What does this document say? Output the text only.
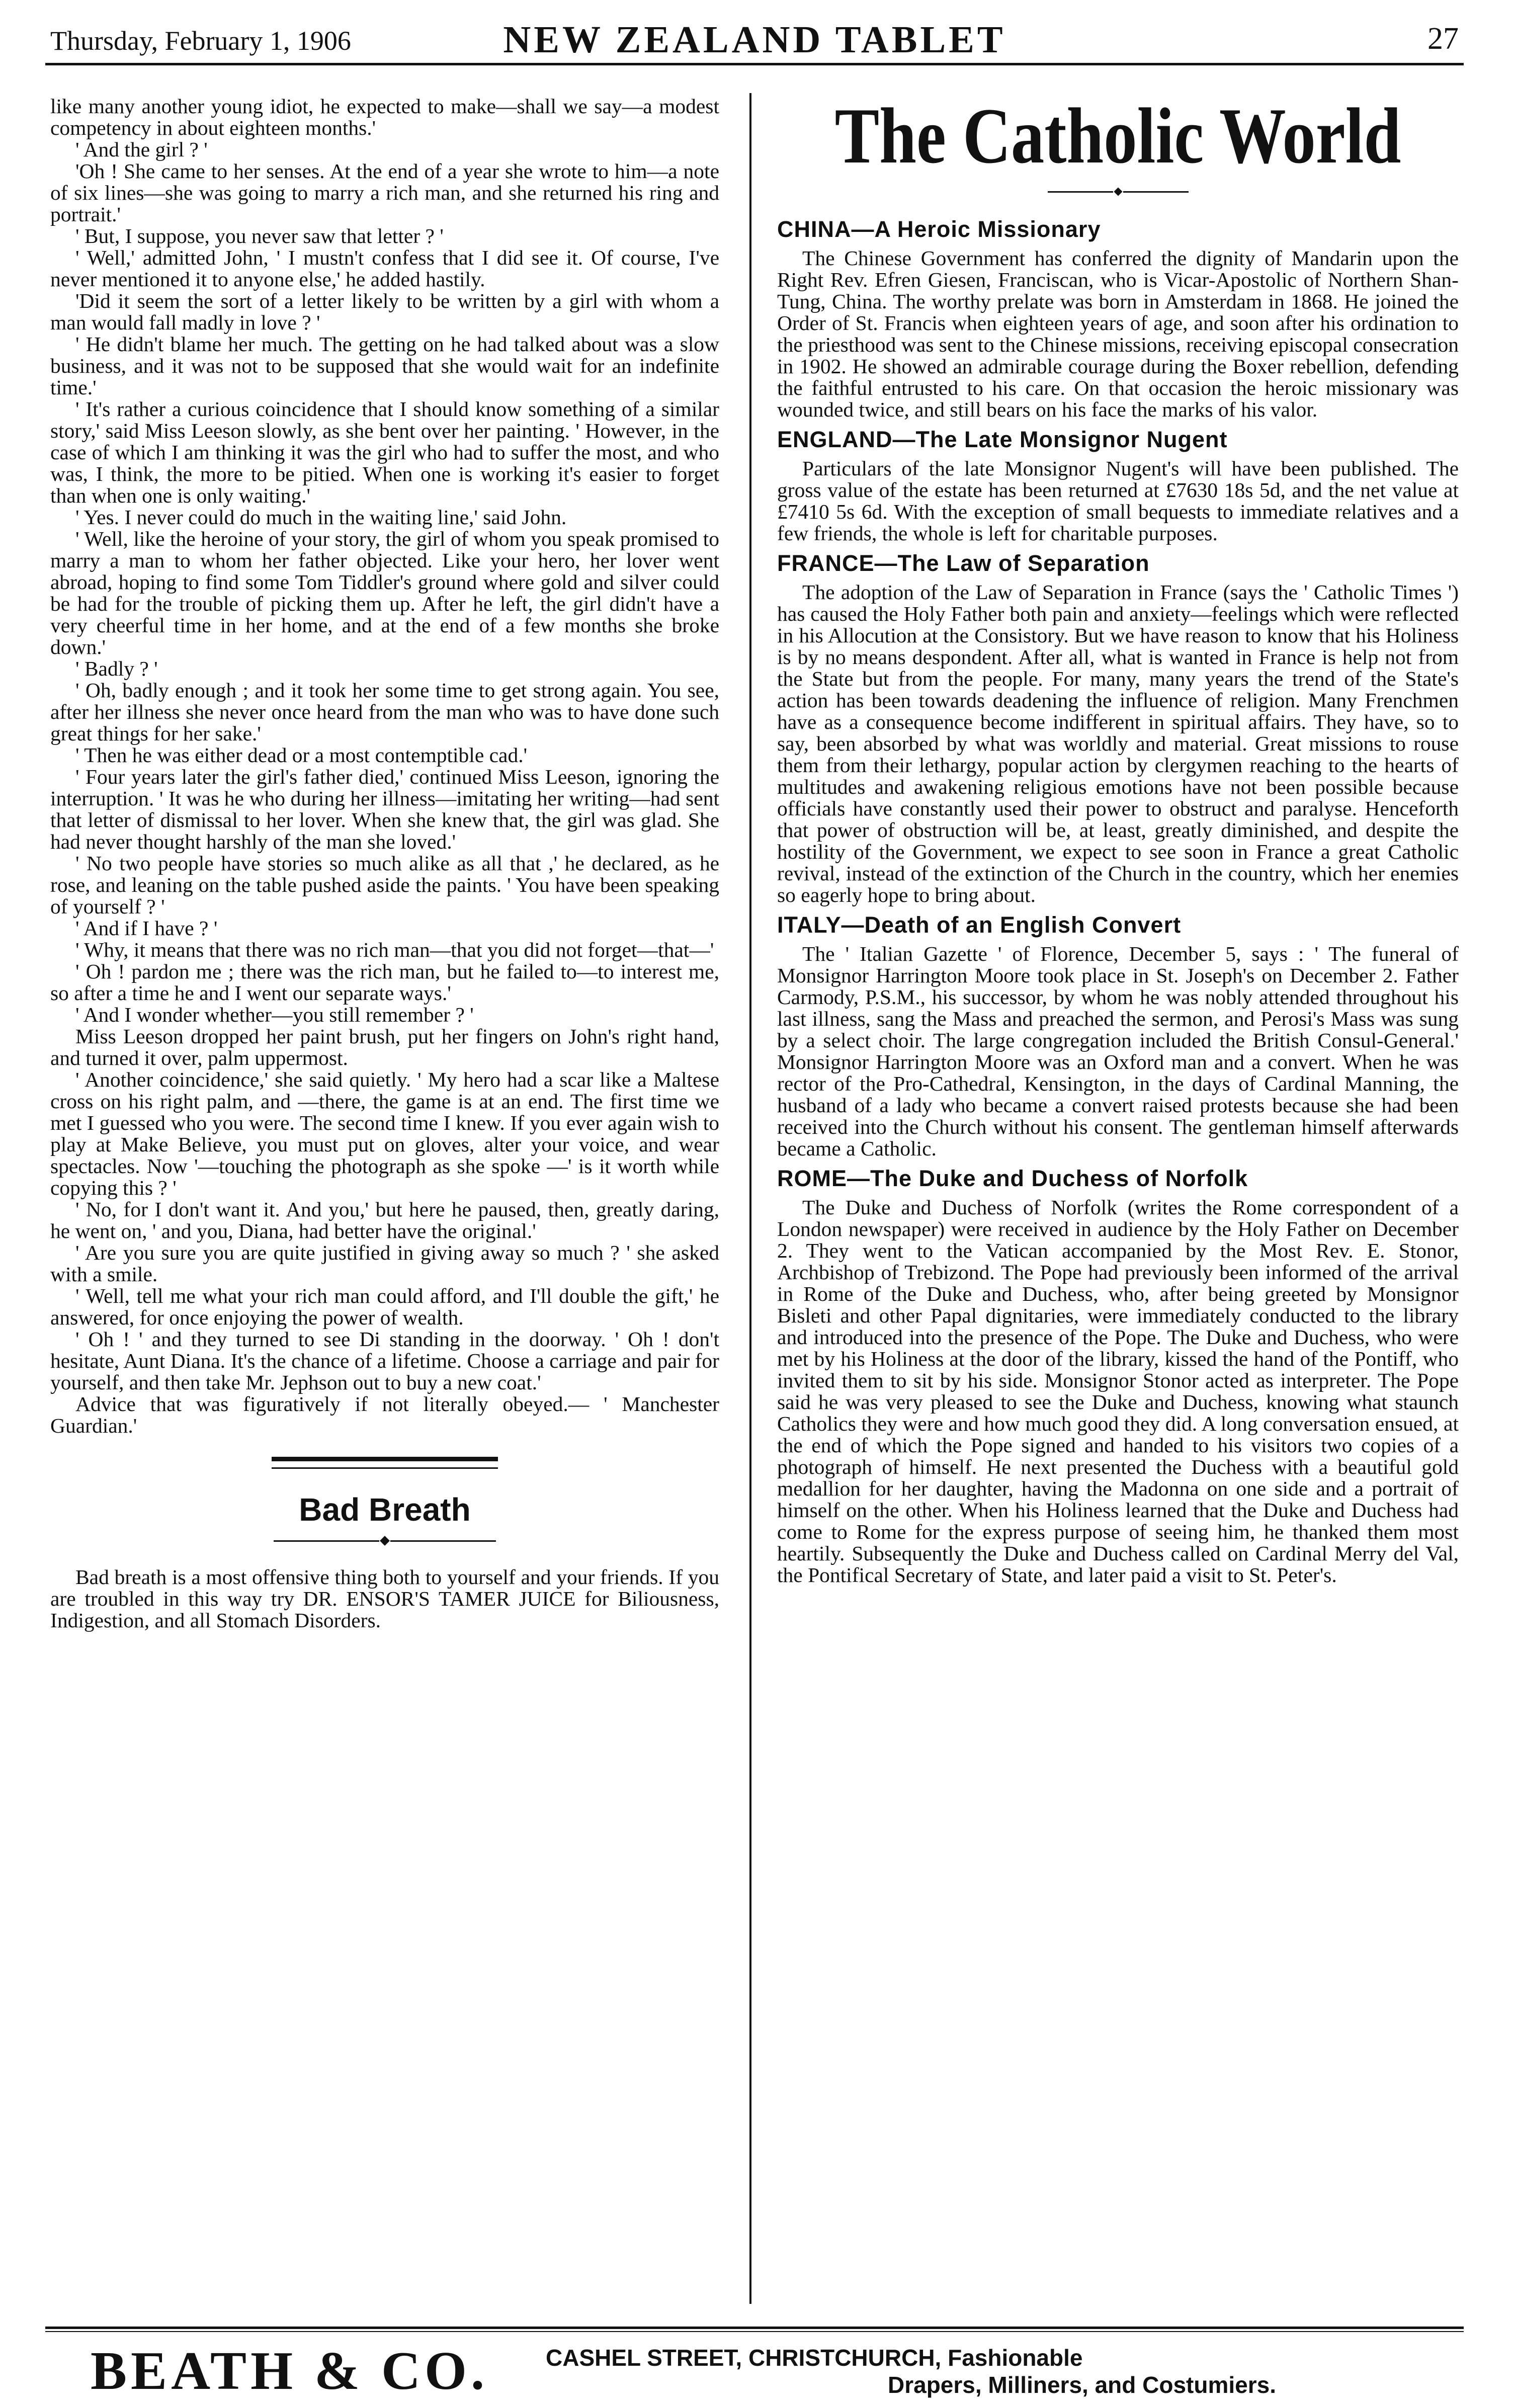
Thursday, February 1, 1906	NEW ZEALAND TABLET	27

like many another young idiot, he expected to make—shall we say—a modest competency in about eighteen months.'

' And the girl ? '

'Oh ! She came to her senses. At the end of a year she wrote to him—a note of six lines—she was going to marry a rich man, and she returned his ring and portrait.'

' But, I suppose, you never saw that letter ? '

' Well,' admitted John, ' I mustn't confess that I did see it. Of course, I've never mentioned it to anyone else,' he added hastily.

'Did it seem the sort of a letter likely to be written by a girl with whom a man would fall madly in love ? '

' He didn't blame her much. The getting on he had talked about was a slow business, and it was not to be supposed that she would wait for an indefinite time.'

' It's rather a curious coincidence that I should know something of a similar story,' said Miss Leeson slowly, as she bent over her painting. ' However, in the case of which I am thinking it was the girl who had to suffer the most, and who was, I think, the more to be pitied. When one is working it's easier to forget than when one is only waiting.'

' Yes. I never could do much in the waiting line,' said John.

' Well, like the heroine of your story, the girl of whom you speak promised to marry a man to whom her father objected. Like your hero, her lover went abroad, hoping to find some Tom Tiddler's ground where gold and silver could be had for the trouble of picking them up. After he left, the girl didn't have a very cheerful time in her home, and at the end of a few months she broke down.'

' Badly ? '

' Oh, badly enough ; and it took her some time to get strong again. You see, after her illness she never once heard from the man who was to have done such great things for her sake.'

' Then he was either dead or a most contemptible cad.'

' Four years later the girl's father died,' continued Miss Leeson, ignoring the interruption. ' It was he who during her illness—imitating her writing—had sent that letter of dismissal to her lover. When she knew that, the girl was glad. She had never thought harshly of the man she loved.'

' No two people have stories so much alike as all that ,' he declared, as he rose, and leaning on the table pushed aside the paints. ' You have been speaking of yourself ? '

' And if I have ? '

' Why, it means that there was no rich man—that you did not forget—that—'

' Oh ! pardon me ; there was the rich man, but he failed to—to interest me, so after a time he and I went our separate ways.'

' And I wonder whether—you still remember ? '

Miss Leeson dropped her paint brush, put her fingers on John's right hand, and turned it over, palm uppermost.

' Another coincidence,' she said quietly. ' My hero had a scar like a Maltese cross on his right palm, and —there, the game is at an end. The first time we met I guessed who you were. The second time I knew. If you ever again wish to play at Make Believe, you must put on gloves, alter your voice, and wear spectacles. Now '—touching the photograph as she spoke —' is it worth while copying this ? '

' No, for I don't want it. And you,' but here he paused, then, greatly daring, he went on, ' and you, Diana, had better have the original.'

' Are you sure you are quite justified in giving away so much ? ' she asked with a smile.

' Well, tell me what your rich man could afford, and I'll double the gift,' he answered, for once enjoying the power of wealth.

' Oh ! ' and they turned to see Di standing in the doorway. ' Oh ! don't hesitate, Aunt Diana. It's the chance of a lifetime. Choose a carriage and pair for yourself, and then take Mr. Jephson out to buy a new coat.'

Advice that was figuratively if not literally obeyed.— ' Manchester Guardian.'

Bad Breath

Bad breath is a most offensive thing both to yourself and your friends. If you are troubled in this way try DR. ENSOR'S TAMER JUICE for Biliousness, Indigestion, and all Stomach Disorders.

The Catholic World
CHINA—A Heroic Missionary

The Chinese Government has conferred the dignity of Mandarin upon the Right Rev. Efren Giesen, Franciscan, who is Vicar-Apostolic of Northern Shan-Tung, China. The worthy prelate was born in Amsterdam in 1868. He joined the Order of St. Francis when eighteen years of age, and soon after his ordination to the priesthood was sent to the Chinese missions, receiving episcopal consecration in 1902. He showed an admirable courage during the Boxer rebellion, defending the faithful entrusted to his care. On that occasion the heroic missionary was wounded twice, and still bears on his face the marks of his valor.

ENGLAND—The Late Monsignor Nugent

Particulars of the late Monsignor Nugent's will have been published. The gross value of the estate has been returned at £7630 18s 5d, and the net value at £7410 5s 6d. With the exception of small bequests to immediate relatives and a few friends, the whole is left for charitable purposes.

FRANCE—The Law of Separation

The adoption of the Law of Separation in France (says the ' Catholic Times ') has caused the Holy Father both pain and anxiety—feelings which were reflected in his Allocution at the Consistory. But we have reason to know that his Holiness is by no means despondent. After all, what is wanted in France is help not from the State but from the people. For many, many years the trend of the State's action has been towards deadening the influence of religion. Many Frenchmen have as a consequence become indifferent in spiritual affairs. They have, so to say, been absorbed by what was worldly and material. Great missions to rouse them from their lethargy, popular action by clergymen reaching to the hearts of multitudes and awakening religious emotions have not been possible because officials have constantly used their power to obstruct and paralyse. Henceforth that power of obstruction will be, at least, greatly diminished, and despite the hostility of the Government, we expect to see soon in France a great Catholic revival, instead of the extinction of the Church in the country, which her enemies so eagerly hope to bring about.

ITALY—Death of an English Convert

The ' Italian Gazette ' of Florence, December 5, says : ' The funeral of Monsignor Harrington Moore took place in St. Joseph's on December 2. Father Carmody, P.S.M., his successor, by whom he was nobly attended throughout his last illness, sang the Mass and preached the sermon, and Perosi's Mass was sung by a select choir. The large congregation included the British Consul-General.' Monsignor Harrington Moore was an Oxford man and a convert. When he was rector of the Pro-Cathedral, Kensington, in the days of Cardinal Manning, the husband of a lady who became a convert raised protests because she had been received into the Church without his consent. The gentleman himself afterwards became a Catholic.

ROME—The Duke and Duchess of Norfolk

The Duke and Duchess of Norfolk (writes the Rome correspondent of a London newspaper) were received in audience by the Holy Father on December 2. They went to the Vatican accompanied by the Most Rev. E. Stonor, Archbishop of Trebizond. The Pope had previously been informed of the arrival in Rome of the Duke and Duchess, who, after being greeted by Monsignor Bisleti and other Papal dignitaries, were immediately conducted to the library and introduced into the presence of the Pope. The Duke and Duchess, who were met by his Holiness at the door of the library, kissed the hand of the Pontiff, who invited them to sit by his side. Monsignor Stonor acted as interpreter. The Pope said he was very pleased to see the Duke and Duchess, knowing what staunch Catholics they were and how much good they did. A long conversation ensued, at the end of which the Pope signed and handed to his visitors two copies of a photograph of himself. He next presented the Duchess with a beautiful gold medallion for her daughter, having the Madonna on one side and a portrait of himself on the other. When his Holiness learned that the Duke and Duchess had come to Rome for the express purpose of seeing him, he thanked them most heartily. Subsequently the Duke and Duchess called on Cardinal Merry del Val, the Pontifical Secretary of State, and later paid a visit to St. Peter's.

BEATH & CO. CASHEL STREET, CHRISTCHURCH, Fashionable
Drapers, Milliners, and Costumiers.
